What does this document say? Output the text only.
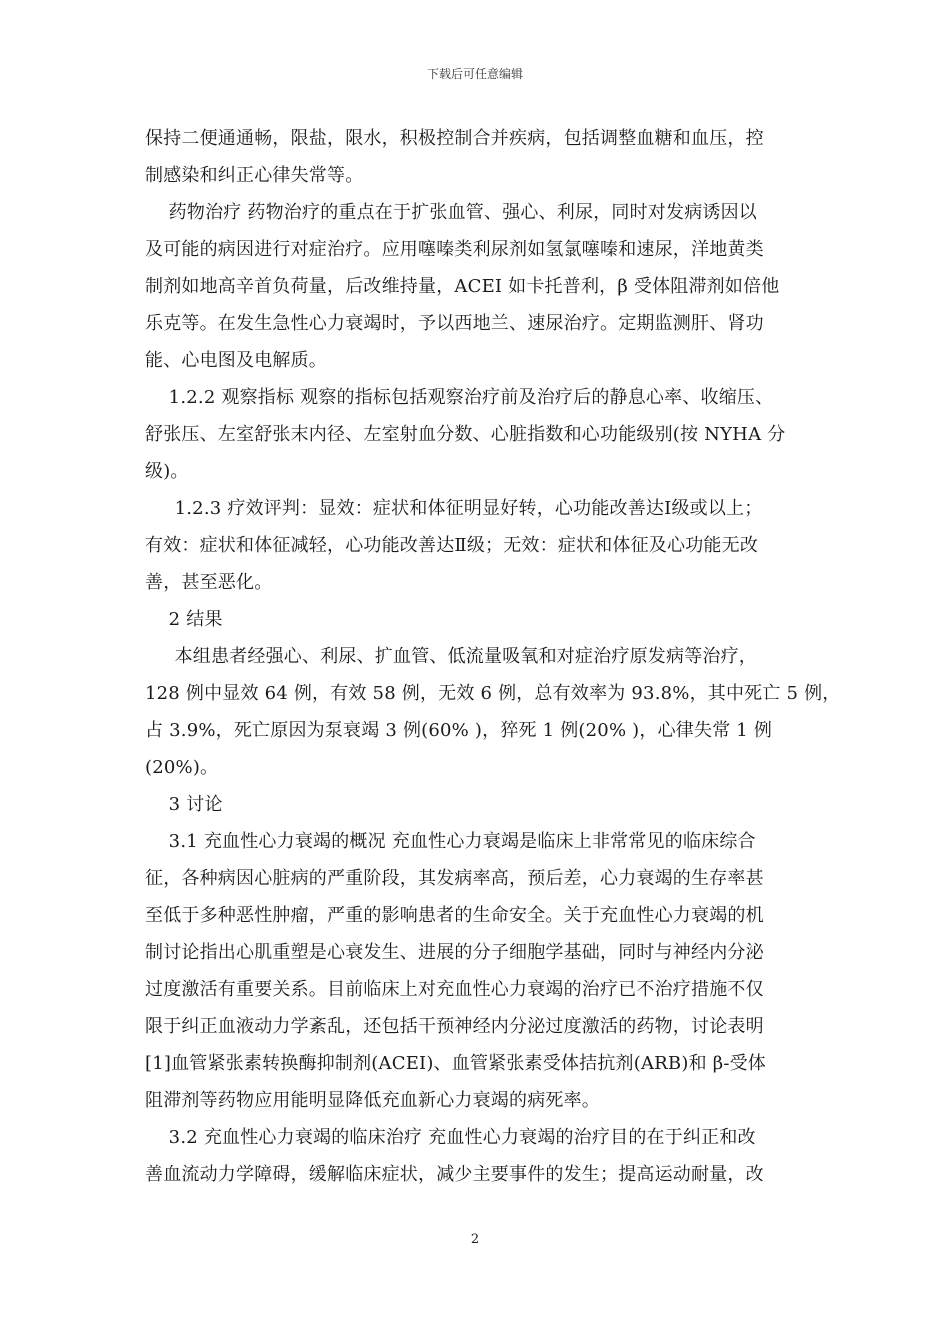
下载后可任意编辑
保持二便通通畅，限盐，限水，积极控制合并疾病，包括调整血糖和血压，控
制感染和纠正心律失常等。
药物治疗 药物治疗的重点在于扩张血管、强心、利尿，同时对发病诱因以
及可能的病因进行对症治疗。应用噻嗪类利尿剂如氢氯噻嗪和速尿，洋地黄类
制剂如地高辛首负荷量，后改维持量，ACEI 如卡托普利，β 受体阻滞剂如倍他
乐克等。在发生急性心力衰竭时，予以西地兰、速尿治疗。定期监测肝、肾功
能、心电图及电解质。
1.2.2 观察指标 观察的指标包括观察治疗前及治疗后的静息心率、收缩压、
舒张压、左室舒张末内径、左室射血分数、心脏指数和心功能级别(按 NYHA 分
级)。
1.2.3 疗效评判：显效：症状和体征明显好转，心功能改善达Ⅰ级或以上；
有效：症状和体征减轻，心功能改善达Ⅱ级；无效：症状和体征及心功能无改
善，甚至恶化。
2 结果
本组患者经强心、利尿、扩血管、低流量吸氧和对症治疗原发病等治疗，
128 例中显效 64 例，有效 58 例，无效 6 例，总有效率为 93.8%，其中死亡 5 例，
占 3.9%，死亡原因为泵衰竭 3 例(60% )，猝死 1 例(20% )，心律失常 1 例
(20%)。
3 讨论
3.1 充血性心力衰竭的概况 充血性心力衰竭是临床上非常常见的临床综合
征，各种病因心脏病的严重阶段，其发病率高，预后差，心力衰竭的生存率甚
至低于多种恶性肿瘤，严重的影响患者的生命安全。关于充血性心力衰竭的机
制讨论指出心肌重塑是心衰发生、进展的分子细胞学基础，同时与神经内分泌
过度激活有重要关系。目前临床上对充血性心力衰竭的治疗已不治疗措施不仅
限于纠正血液动力学紊乱，还包括干预神经内分泌过度激活的药物，讨论表明
[1]血管紧张素转换酶抑制剂(ACEI)、血管紧张素受体拮抗剂(ARB)和 β-受体
阻滞剂等药物应用能明显降低充血新心力衰竭的病死率。
3.2 充血性心力衰竭的临床治疗 充血性心力衰竭的治疗目的在于纠正和改
善血流动力学障碍，缓解临床症状，减少主要事件的发生；提高运动耐量，改
2
